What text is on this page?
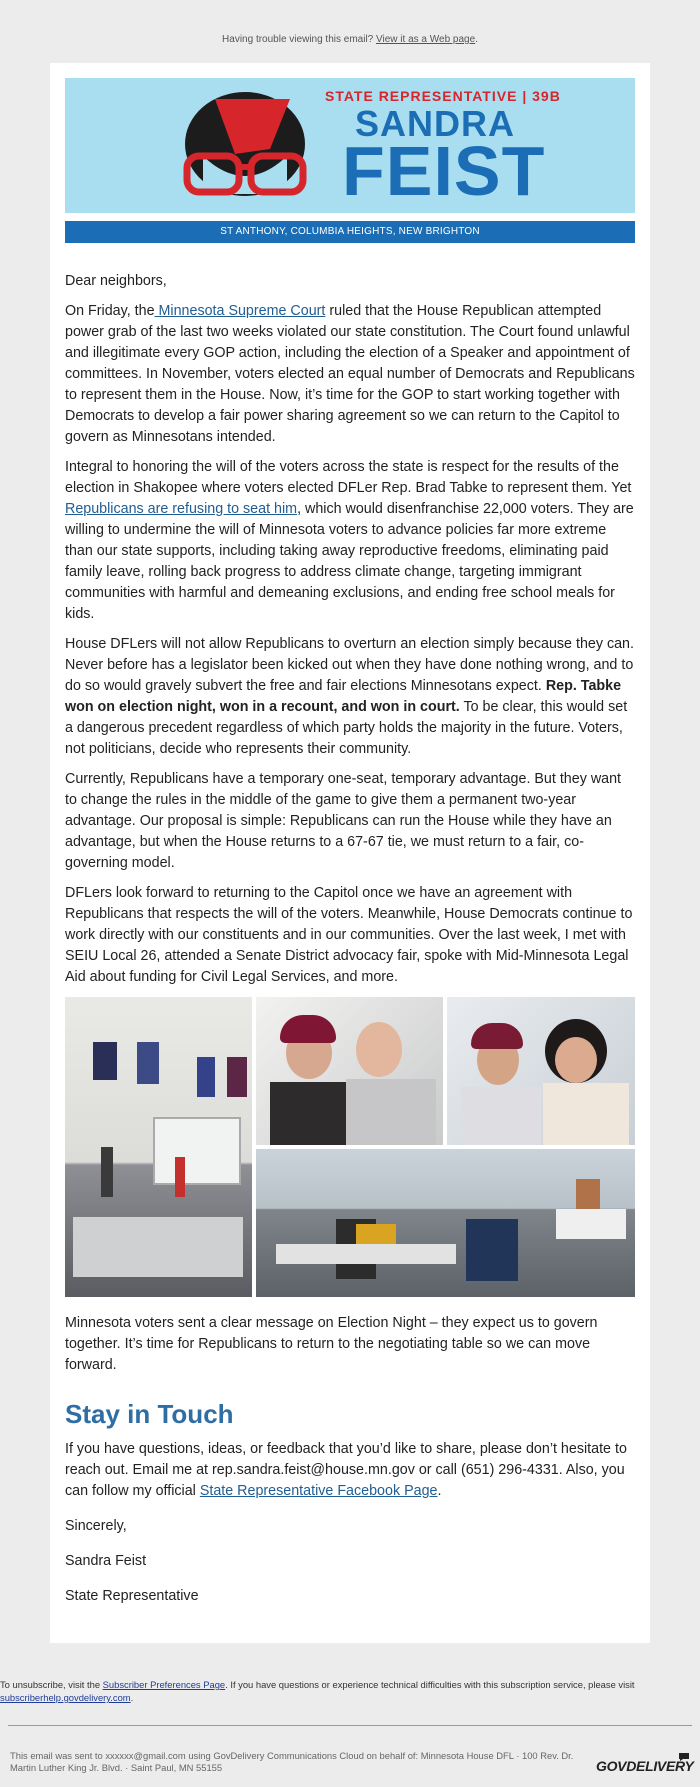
Having trouble viewing this email? View it as a Web page.
STATE REPRESENTATIVE | 39B
SANDRA
FEIST
ST ANTHONY, COLUMBIA HEIGHTS, NEW BRIGHTON

Dear neighbors,

On Friday, the Minnesota Supreme Court ruled that the House Republican attempted power grab of the last two weeks violated our state constitution. The Court found unlawful and illegitimate every GOP action, including the election of a Speaker and appointment of committees. In November, voters elected an equal number of Democrats and Republicans to represent them in the House. Now, it’s time for the GOP to start working together with Democrats to develop a fair power sharing agreement so we can return to the Capitol to govern as Minnesotans intended.

Integral to honoring the will of the voters across the state is respect for the results of the election in Shakopee where voters elected DFLer Rep. Brad Tabke to represent them. Yet Republicans are refusing to seat him, which would disenfranchise 22,000 voters. They are willing to undermine the will of Minnesota voters to advance policies far more extreme than our state supports, including taking away reproductive freedoms, eliminating paid family leave, rolling back progress to address climate change, targeting immigrant communities with harmful and demeaning exclusions, and ending free school meals for kids.

House DFLers will not allow Republicans to overturn an election simply because they can. Never before has a legislator been kicked out when they have done nothing wrong, and to do so would gravely subvert the free and fair elections Minnesotans expect. Rep. Tabke won on election night, won in a recount, and won in court. To be clear, this would set a dangerous precedent regardless of which party holds the majority in the future. Voters, not politicians, decide who represents their community.

Currently, Republicans have a temporary one-seat, temporary advantage. But they want to change the rules in the middle of the game to give them a permanent two-year advantage. Our proposal is simple: Republicans can run the House while they have an advantage, but when the House returns to a 67-67 tie, we must return to a fair, co-governing model.

DFLers look forward to returning to the Capitol once we have an agreement with Republicans that respects the will of the voters. Meanwhile, House Democrats continue to work directly with our constituents and in our communities. Over the last week, I met with SEIU Local 26, attended a Senate District advocacy fair, spoke with Mid-Minnesota Legal Aid about funding for Civil Legal Services, and more.

Minnesota voters sent a clear message on Election Night – they expect us to govern together. It’s time for Republicans to return to the negotiating table so we can move forward.

Stay in Touch

If you have questions, ideas, or feedback that you’d like to share, please don’t hesitate to reach out. Email me at rep.sandra.feist@house.mn.gov or call (651) 296-4331. Also, you can follow my official State Representative Facebook Page.

Sincerely,

Sandra Feist

State Representative

To unsubscribe, visit the Subscriber Preferences Page. If you have questions or experience technical difficulties with this subscription service, please visit subscriberhelp.govdelivery.com.
This email was sent to xxxxxx@gmail.com using GovDelivery Communications Cloud on behalf of: Minnesota House DFL · 100 Rev. Dr. Martin Luther King Jr. Blvd. · Saint Paul, MN 55155	GOVDELIVERY
